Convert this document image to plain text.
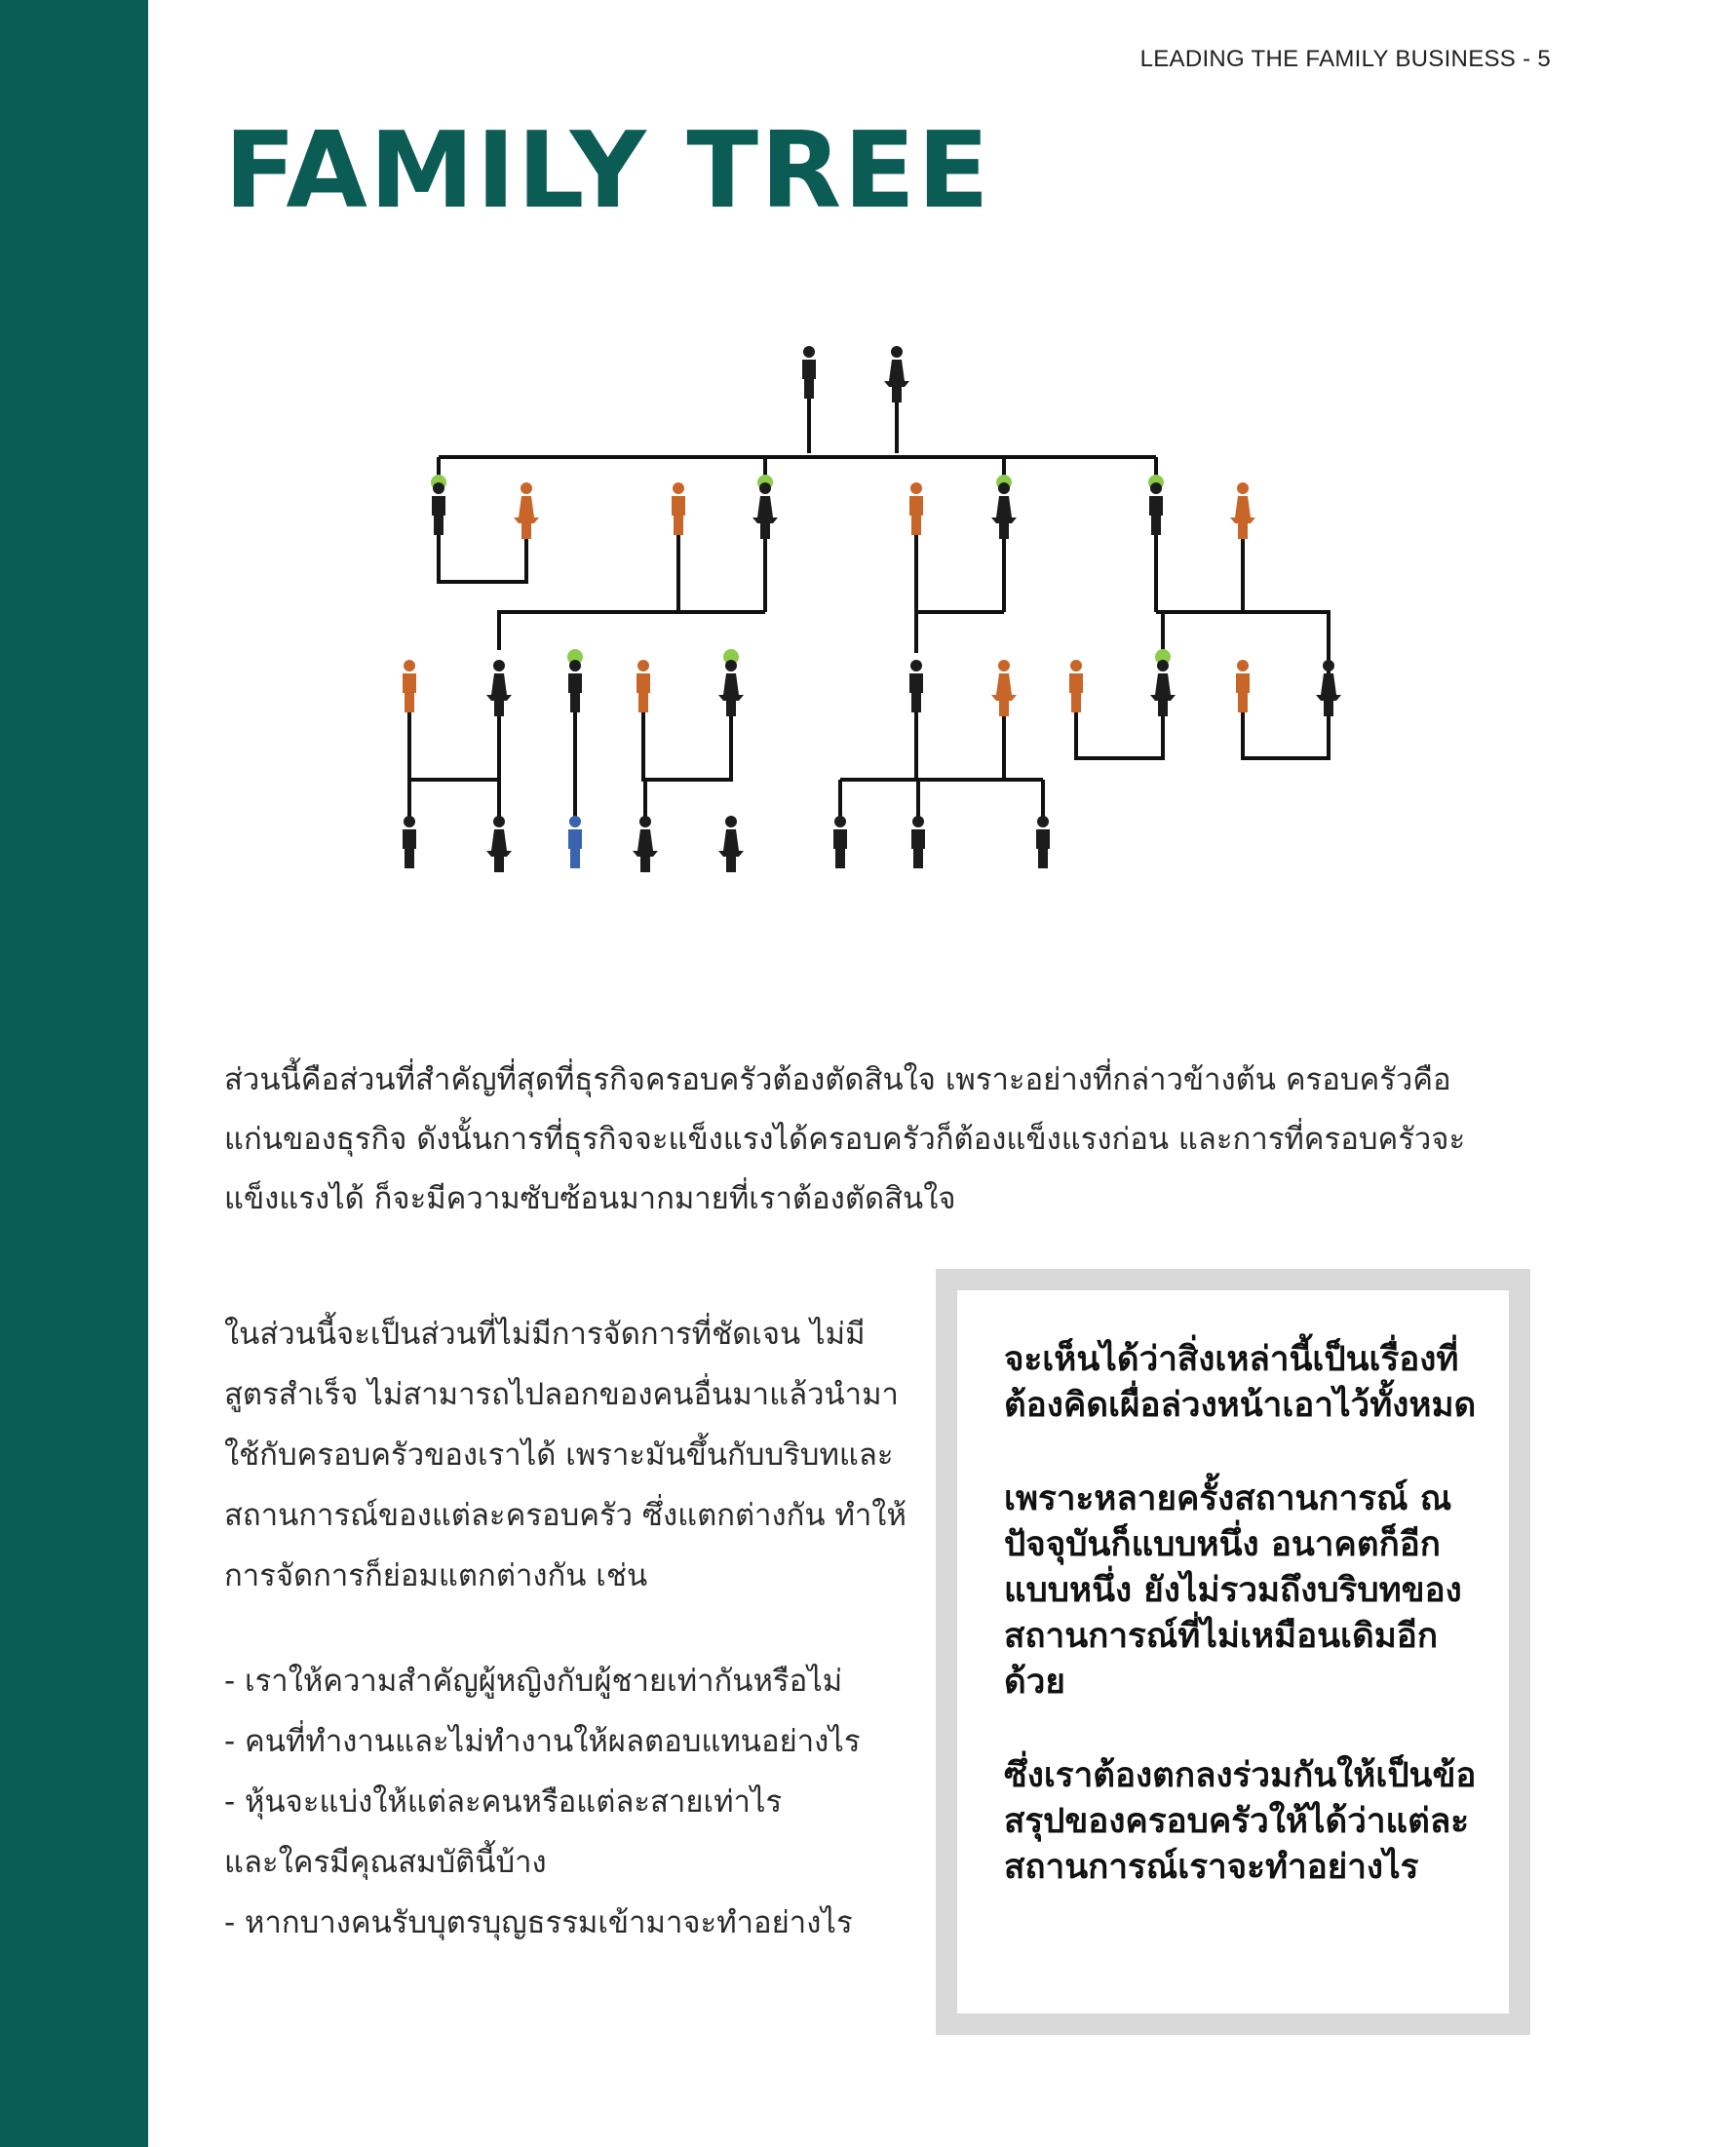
LEADING THE FAMILY BUSINESS - 5
FAMILY TREE

ส่วนนี้คือส่วนที่สำคัญที่สุดที่ธุรกิจครอบครัวต้องตัดสินใจ เพราะอย่างที่กล่าวข้างต้น ครอบครัวคือแก่นของธุรกิจ ดังนั้นการที่ธุรกิจจะแข็งแรงได้ครอบครัวก็ต้องแข็งแรงก่อน และการที่ครอบครัวจะแข็งแรงได้ ก็จะมีความซับซ้อนมากมายที่เราต้องตัดสินใจ

ในส่วนนี้จะเป็นส่วนที่ไม่มีการจัดการที่ชัดเจน ไม่มีสูตรสำเร็จ ไม่สามารถไปลอกของคนอื่นมาแล้วนำมาใช้กับครอบครัวของเราได้ เพราะมันขึ้นกับบริบทและสถานการณ์ของแต่ละครอบครัว ซึ่งแตกต่างกัน ทำให้การจัดการก็ย่อมแตกต่างกัน เช่น

- เราให้ความสำคัญผู้หญิงกับผู้ชายเท่ากันหรือไม่
- คนที่ทำงานและไม่ทำงานให้ผลตอบแทนอย่างไร
- หุ้นจะแบ่งให้แต่ละคนหรือแต่ละสายเท่าไร
และใครมีคุณสมบัตินี้บ้าง
- หากบางคนรับบุตรบุญธรรมเข้ามาจะทำอย่างไร

จะเห็นได้ว่าสิ่งเหล่านี้เป็นเรื่องที่ต้องคิดเผื่อล่วงหน้าเอาไว้ทั้งหมด

เพราะหลายครั้งสถานการณ์ ณ ปัจจุบันก็แบบหนึ่ง อนาคตก็อีกแบบหนึ่ง ยังไม่รวมถึงบริบทของสถานการณ์ที่ไม่เหมือนเดิมอีกด้วย

ซึ่งเราต้องตกลงร่วมกันให้เป็นข้อสรุปของครอบครัวให้ได้ว่าแต่ละสถานการณ์เราจะทำอย่างไร
